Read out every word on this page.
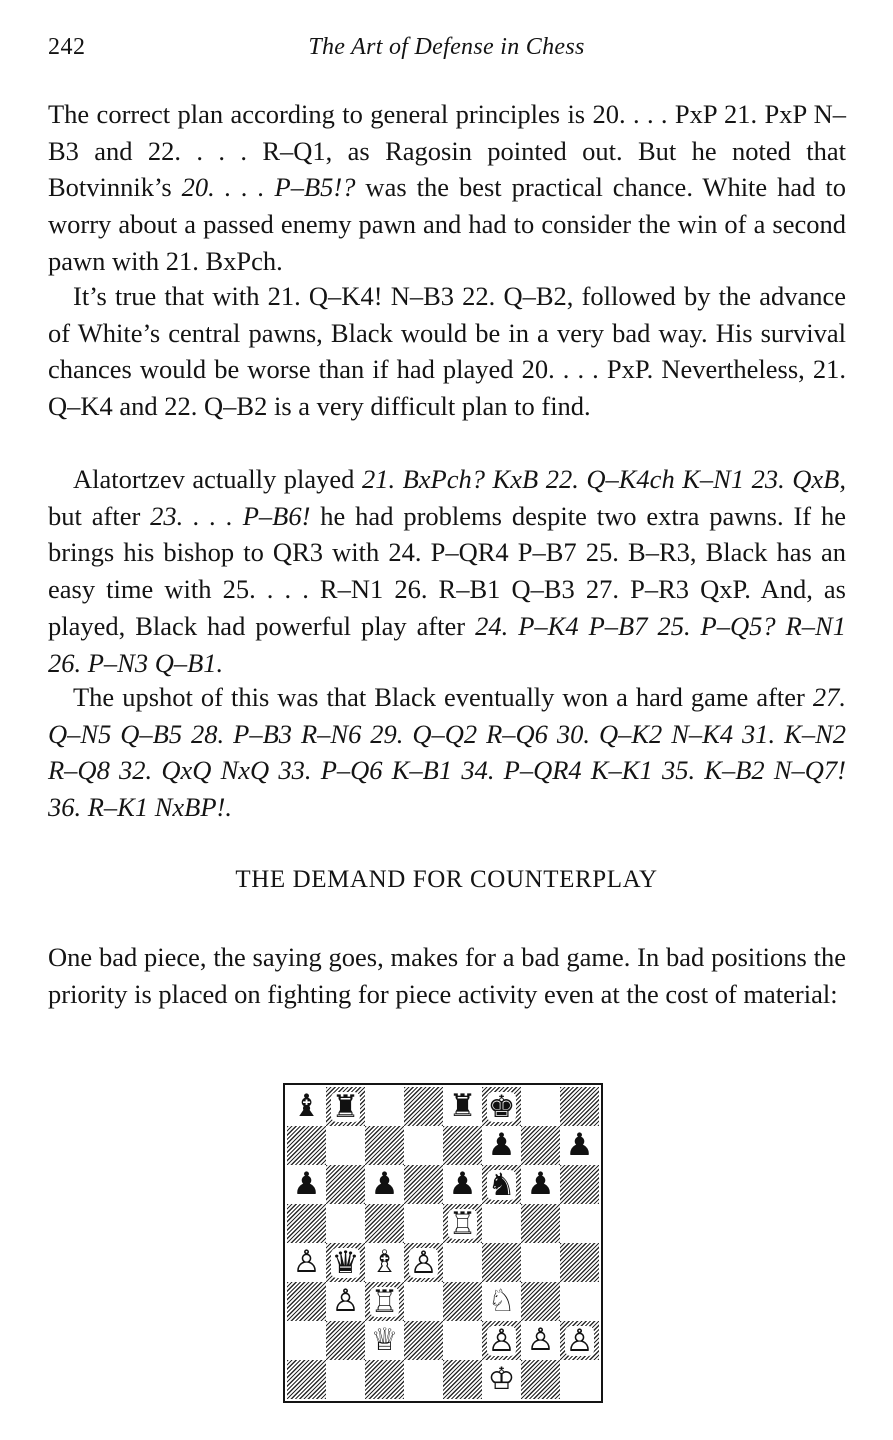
242	The Art of Defense in Chess

The correct plan according to general principles is 20. . . . PxP 21. PxP N–B3 and 22. . . . R–Q1, as Ragosin pointed out. But he noted that Botvinnik’s 20. . . . P–B5!? was the best practical chance. White had to worry about a passed enemy pawn and had to consider the win of a second pawn with 21. BxPch.

It’s true that with 21. Q–K4! N–B3 22. Q–B2, followed by the advance of White’s central pawns, Black would be in a very bad way. His survival chances would be worse than if had played 20. . . . PxP. Nevertheless, 21. Q–K4 and 22. Q–B2 is a very difficult plan to find.

Alatortzev actually played 21. BxPch? KxB 22. Q–K4ch K–N1 23. QxB, but after 23. . . . P–B6! he had problems despite two extra pawns. If he brings his bishop to QR3 with 24. P–QR4 P–B7 25. B–R3, Black has an easy time with 25. . . . R–N1 26. R–B1 Q–B3 27. P–R3 QxP. And, as played, Black had powerful play after 24. P–K4 P–B7 25. P–Q5? R–N1 26. P–N3 Q–B1.

The upshot of this was that Black eventually won a hard game after 27. Q–N5 Q–B5 28. P–B3 R–N6 29. Q–Q2 R–Q6 30. Q–K2 N–K4 31. K–N2 R–Q8 32. QxQ NxQ 33. P–Q6 K–B1 34. P–QR4 K–K1 35. K–B2 N–Q7! 36. R–K1 NxBP!.

THE DEMAND FOR COUNTERPLAY

One bad piece, the saying goes, makes for a bad game. In bad positions the priority is placed on fighting for piece activity even at the cost of material:

♝ ♜	♜ ♚
♟ ♟
♟ ♟ ♟ ♞ ♟
♖
♙ ♛ ♗ ♙
♙ ♖	♘
♕	♙ ♙ ♙
♔
